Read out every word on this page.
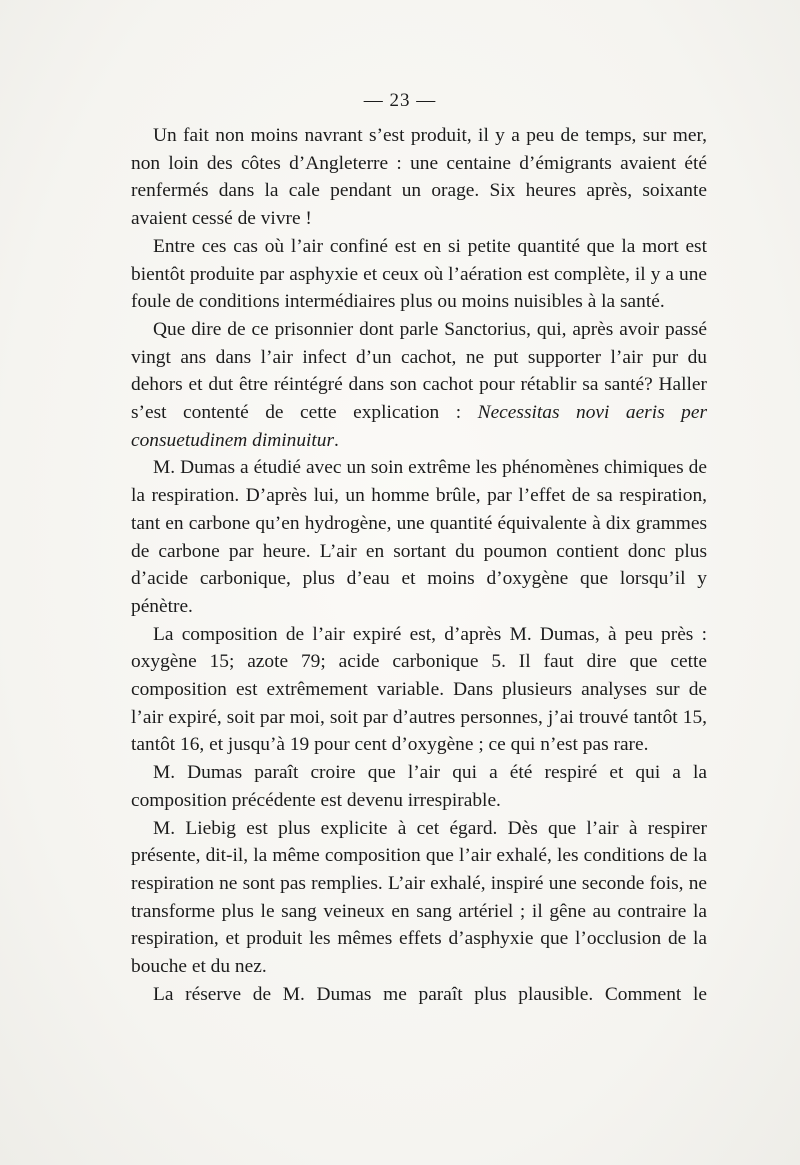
— 23 —

Un fait non moins navrant s’est produit, il y a peu de temps, sur mer, non loin des côtes d’Angleterre : une centaine d’émigrants avaient été renfermés dans la cale pendant un orage. Six heures après, soixante avaient cessé de vivre !

Entre ces cas où l’air confiné est en si petite quantité que la mort est bientôt produite par asphyxie et ceux où l’aération est complète, il y a une foule de conditions intermédiaires plus ou moins nuisibles à la santé.

Que dire de ce prisonnier dont parle Sanctorius, qui, après avoir passé vingt ans dans l’air infect d’un cachot, ne put supporter l’air pur du dehors et dut être réintégré dans son cachot pour rétablir sa santé? Haller s’est contenté de cette explication : Necessitas novi aeris per consuetudinem diminuitur.

M. Dumas a étudié avec un soin extrême les phénomènes chimiques de la respiration. D’après lui, un homme brûle, par l’effet de sa respiration, tant en carbone qu’en hydrogène, une quantité équivalente à dix grammes de carbone par heure. L’air en sortant du poumon contient donc plus d’acide carbonique, plus d’eau et moins d’oxygène que lorsqu’il y pénètre.

La composition de l’air expiré est, d’après M. Dumas, à peu près : oxygène 15; azote 79; acide carbonique 5. Il faut dire que cette composition est extrêmement variable. Dans plusieurs analyses sur de l’air expiré, soit par moi, soit par d’autres personnes, j’ai trouvé tantôt 15, tantôt 16, et jusqu’à 19 pour cent d’oxygène ; ce qui n’est pas rare.

M. Dumas paraît croire que l’air qui a été respiré et qui a la composition précédente est devenu irrespirable.

M. Liebig est plus explicite à cet égard. Dès que l’air à respirer présente, dit-il, la même composition que l’air exhalé, les conditions de la respiration ne sont pas remplies. L’air exhalé, inspiré une seconde fois, ne transforme plus le sang veineux en sang artériel ; il gêne au contraire la respiration, et produit les mêmes effets d’asphyxie que l’occlusion de la bouche et du nez.

La réserve de M. Dumas me paraît plus plausible. Comment le
